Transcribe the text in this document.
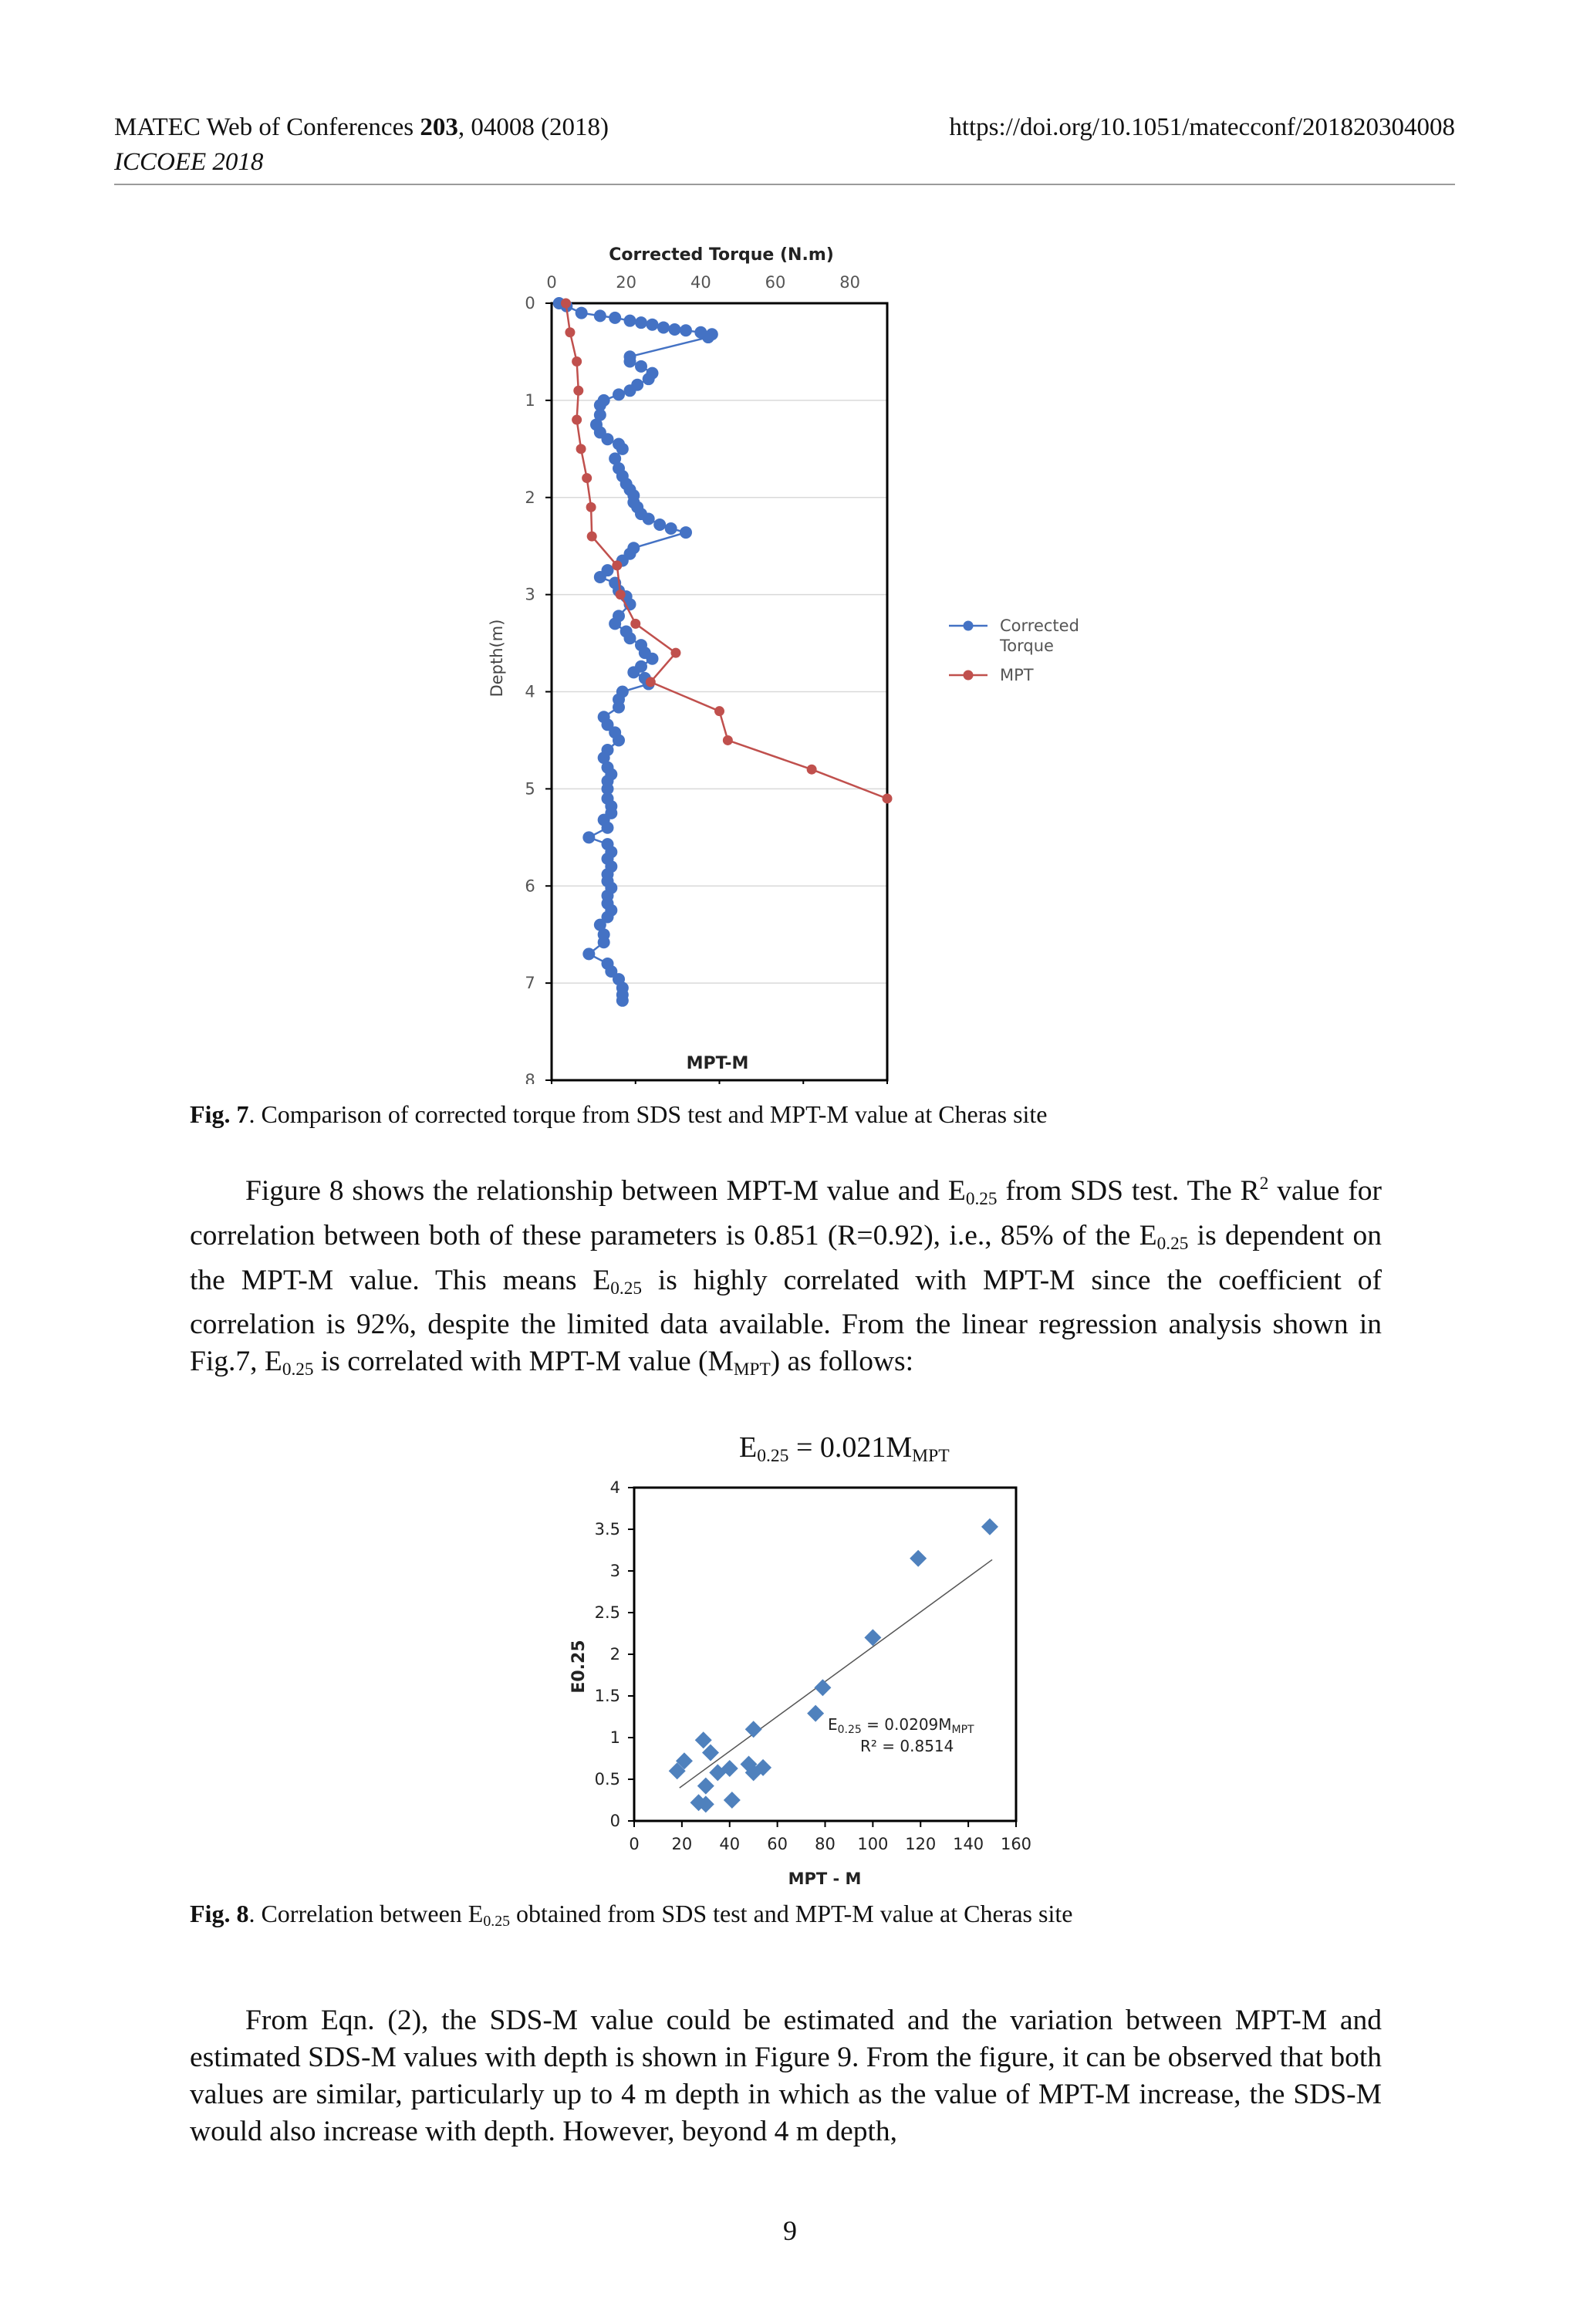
MATEC Web of Conferences 203, 04008 (2018)
ICCOEE 2018
https://doi.org/10.1051/matecconf/201820304008
Corrected Torque (N.m)
MPT-M
Depth(m)
0
1
2
3
4
5
6
7
8
0	20	40	60	80
Corrected
Torque
MPT
Fig. 7. Comparison of corrected torque from SDS test and MPT-M value at Cheras site
Figure 8 shows the relationship between MPT-M value and $E_{0.25}$ from SDS test. The $R^2$ value for correlation between both of these parameters is 0.851 (R=0.92), i.e., 85% of the $E_{0.25}$ is dependent on the MPT-M value. This means $E_{0.25}$ is highly correlated with MPT-M since the coefficient of correlation is 92%, despite the limited data available. From the linear regression analysis shown in Fig.7, $E_{0.25}$ is correlated with MPT-M value $(M_{MPT})$ as follows:
$E_{0.25} = 0.021M_{MPT}$
E0.25
MPT - M
0
0.5
1
1.5
2
2.5
3
3.5
4
0 20 40 60 80 100 120 140 160
$E_{0.25} = 0.0209M_{MPT}$
R² = 0.8514
Fig. 8. Correlation between $E_{0.25}$ obtained from SDS test and MPT-M value at Cheras site
From Eqn. (2), the SDS-M value could be estimated and the variation between MPT-M and estimated SDS-M values with depth is shown in Figure 9. From the figure, it can be observed that both values are similar, particularly up to 4 m depth in which as the value of MPT-M increase, the SDS-M would also increase with depth. However, beyond 4 m depth,
9
